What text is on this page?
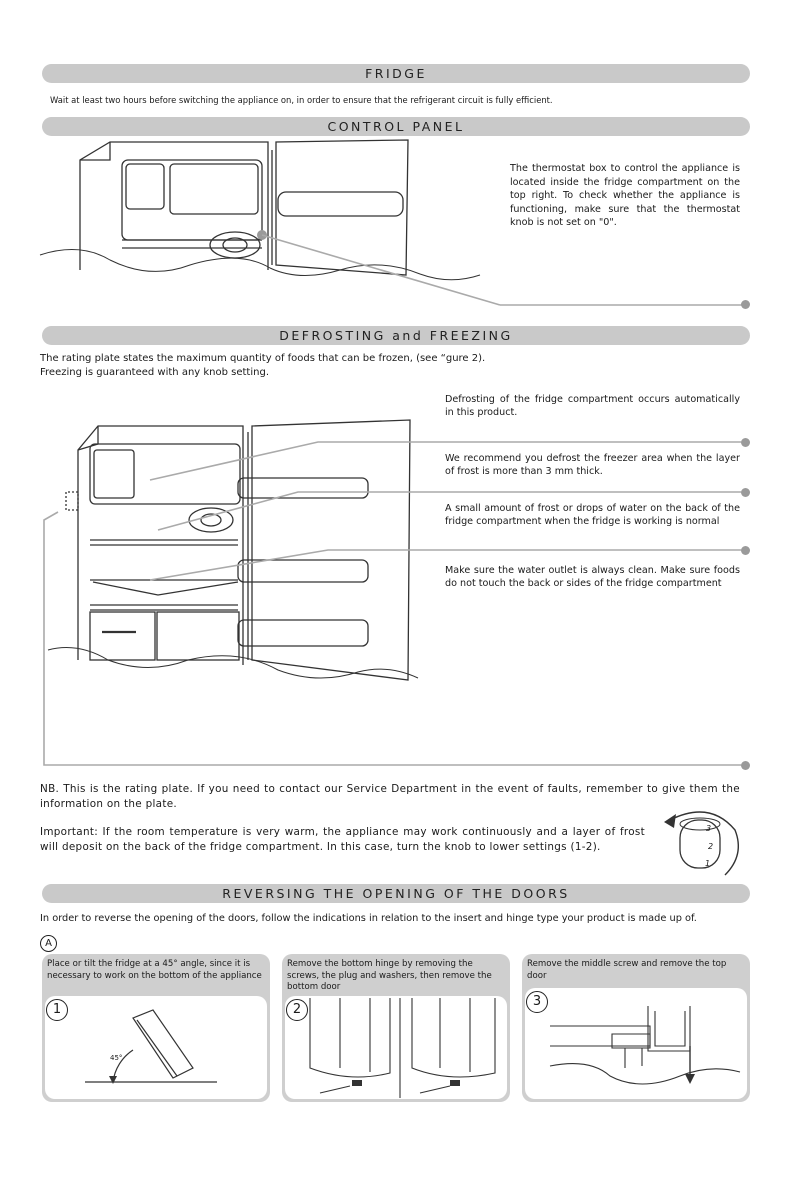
FRIDGE
Wait at least two hours before switching the appliance on, in order to ensure that the refrigerant circuit is fully efficient.
CONTROL PANEL
The thermostat box to control the appliance is located inside the fridge compartment on the top right. To check whether the appliance is functioning, make sure that the thermostat knob is not set on "0".
DEFROSTING and FREEZING
The rating plate states the maximum quantity of foods that can be frozen, (see “gure 2).
Freezing is guaranteed with any knob setting.
Defrosting of the fridge compartment occurs automatically in this product.
We recommend you defrost the freezer area when the layer of frost is more than 3 mm thick.
A small amount of frost or drops of water on the back of the fridge compartment when the fridge is working is normal
Make sure the water outlet is always clean. Make sure foods do not touch the back or sides of the fridge compartment
NB. This is the rating plate. If you need to contact our Service Department in the event of faults, remember to give them the information on the plate.
Important: If the room temperature is very warm, the appliance may work continuously and a layer of frost will deposit on the back of the fridge compartment. In this case, turn the knob to lower settings (1-2).
3
2
1
REVERSING THE OPENING OF THE DOORS
In order to reverse the opening of the doors, follow the indications in relation to the insert and hinge type your product is made up of.
A
Place or tilt the fridge at a 45° angle, since it is necessary to work on the bottom of the appliance
1
45°
Remove the bottom hinge by removing the screws, the plug and washers, then remove the bottom door
2
Remove the middle screw and remove the top door
3
